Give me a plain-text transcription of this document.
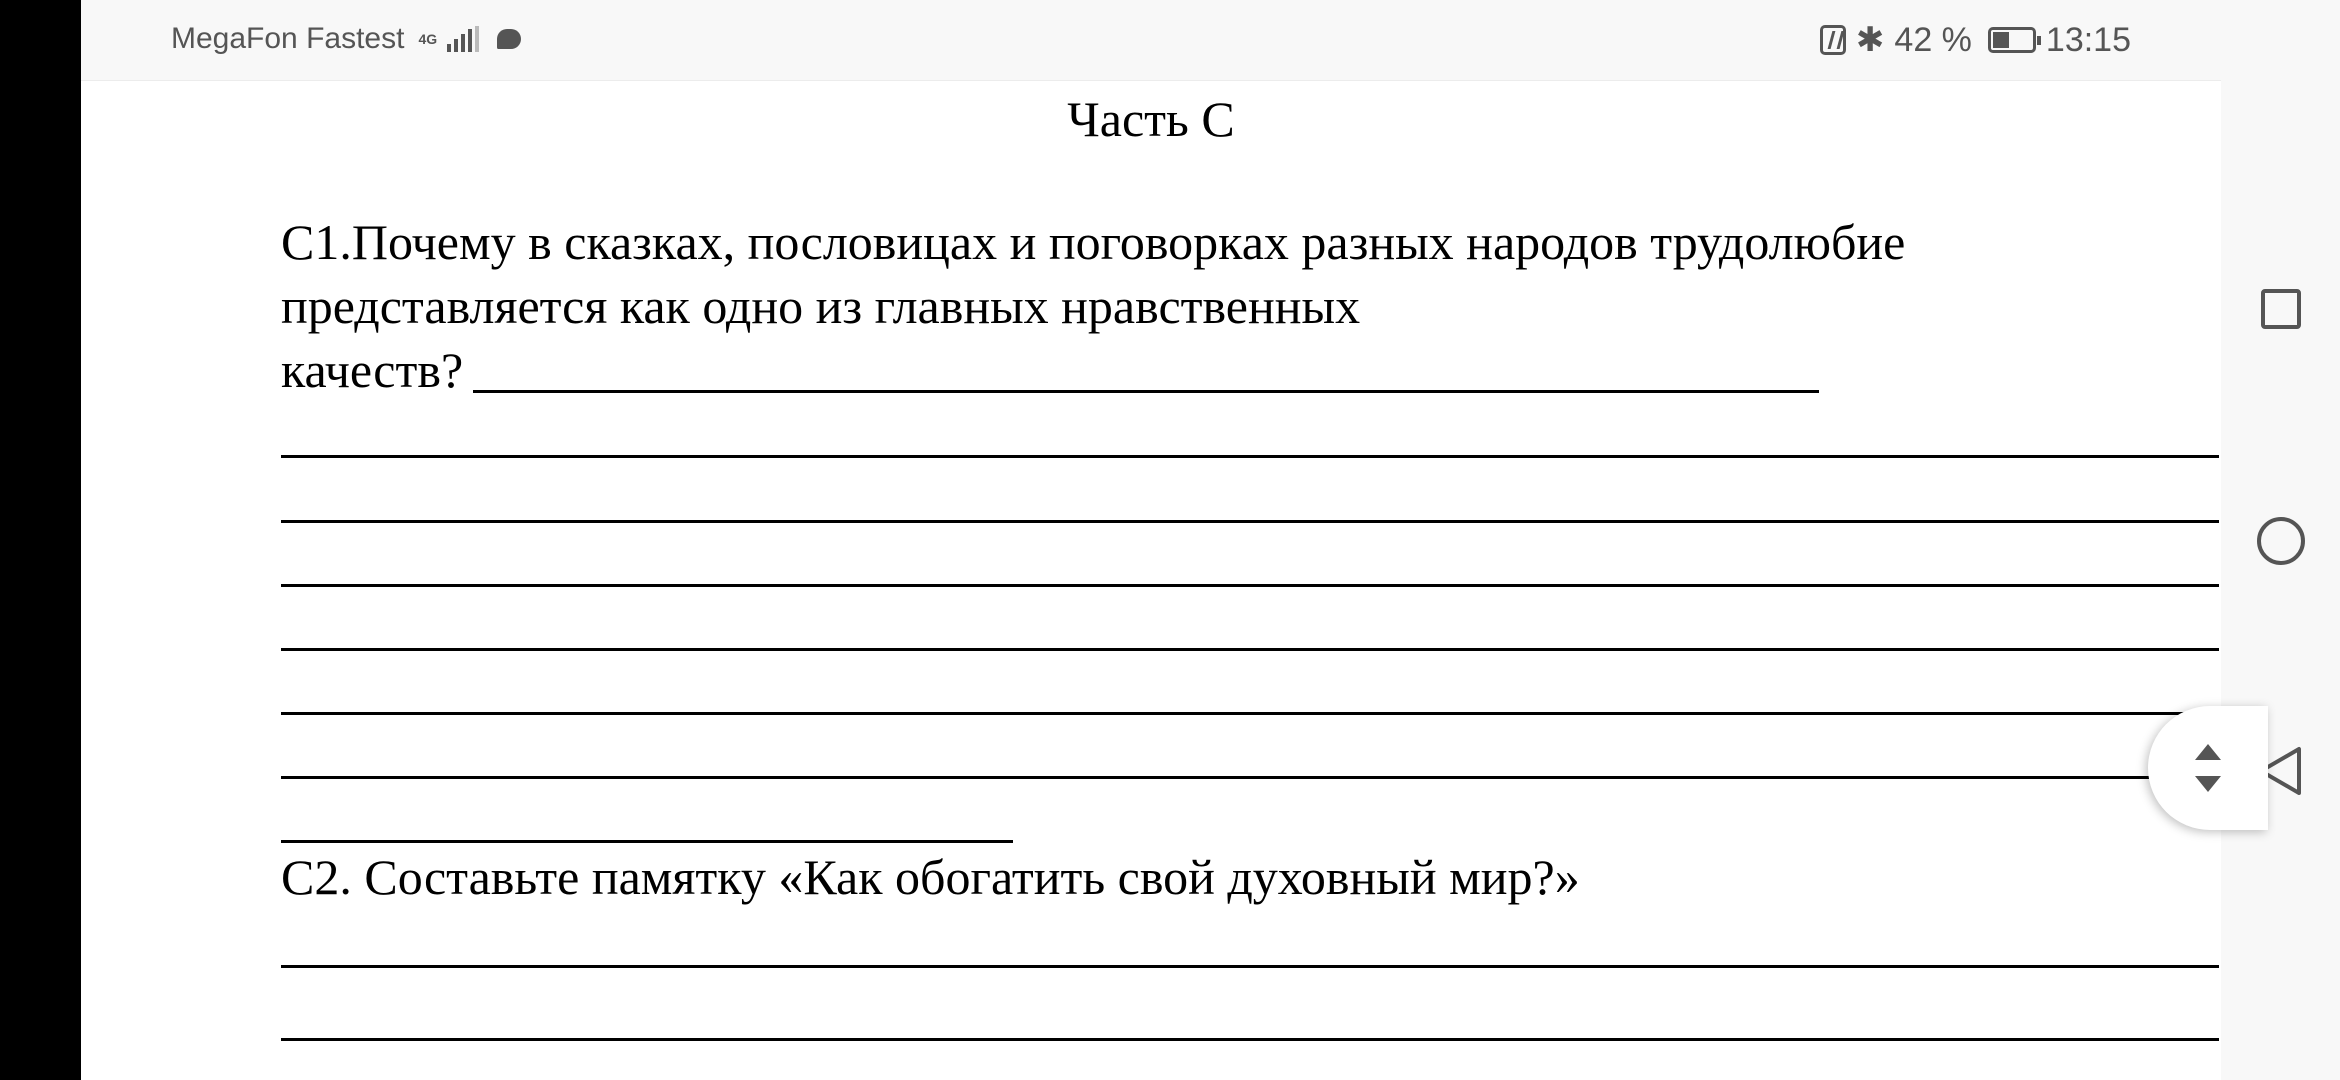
MegaFon Fastest 4G	✱ 42 % 13:15
Часть С
С1.Почему в сказках, пословицах и поговорках разных народов трудолюбие
представляется как одно из главных нравственных
качеств?
С2. Составьте памятку «Как обогатить свой духовный мир?»
